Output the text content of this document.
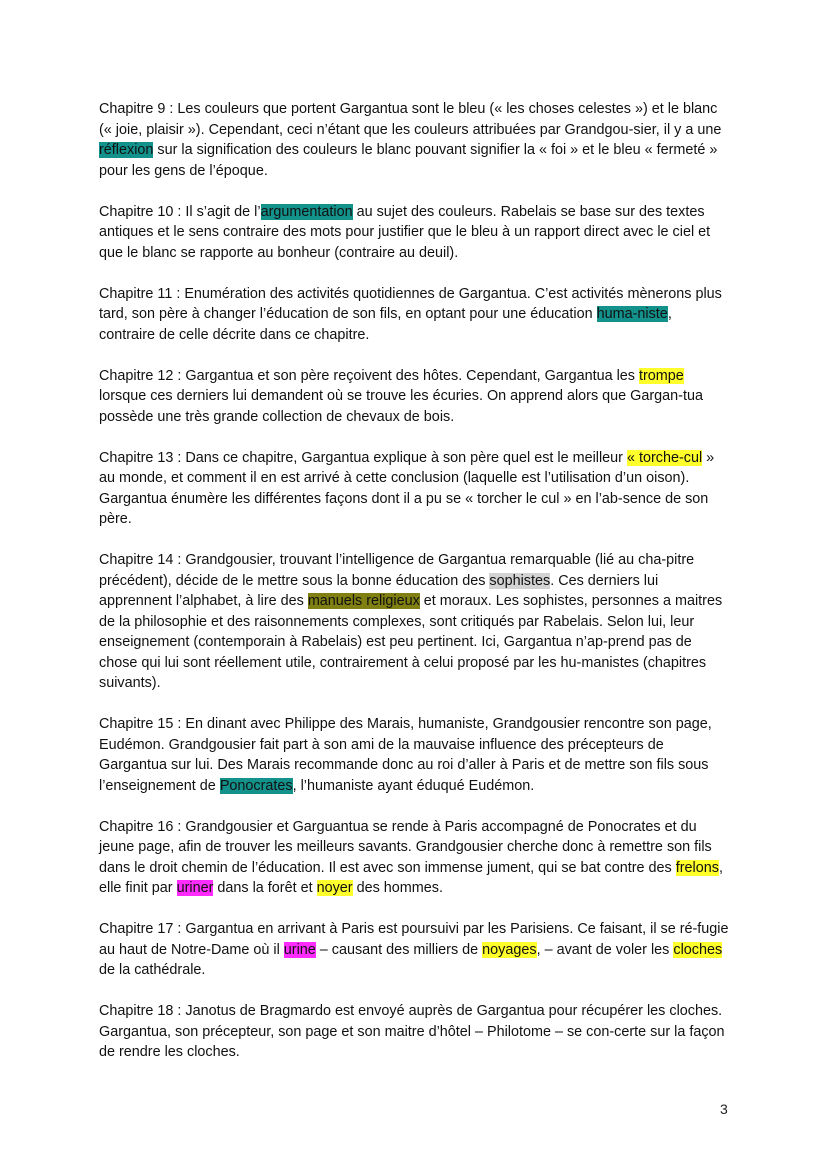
Chapitre 9 : Les couleurs que portent Gargantua sont le bleu (« les choses celestes ») et le blanc (« joie, plaisir »). Cependant, ceci n’étant que les couleurs attribuées par Grandgou-sier, il y a une réflexion sur la signification des couleurs le blanc pouvant signifier la « foi » et le bleu « fermeté » pour les gens de l’époque.

Chapitre 10 : Il s’agit de l’argumentation au sujet des couleurs. Rabelais se base sur des textes antiques et le sens contraire des mots pour justifier que le bleu à un rapport direct avec le ciel et que le blanc se rapporte au bonheur (contraire au deuil).

Chapitre 11 : Enumération des activités quotidiennes de Gargantua. C’est activités mènerons plus tard, son père à changer l’éducation de son fils, en optant pour une éducation huma-niste, contraire de celle décrite dans ce chapitre.

Chapitre 12 : Gargantua et son père reçoivent des hôtes. Cependant, Gargantua les trompe lorsque ces derniers lui demandent où se trouve les écuries. On apprend alors que Gargan-tua possède une très grande collection de chevaux de bois.

Chapitre 13 : Dans ce chapitre, Gargantua explique à son père quel est le meilleur « torche-cul » au monde, et comment il en est arrivé à cette conclusion (laquelle est l’utilisation d’un oison). Gargantua énumère les différentes façons dont il a pu se « torcher le cul » en l’ab-sence de son père.

Chapitre 14 : Grandgousier, trouvant l’intelligence de Gargantua remarquable (lié au cha-pitre précédent), décide de le mettre sous la bonne éducation des sophistes. Ces derniers lui apprennent l’alphabet, à lire des manuels religieux et moraux. Les sophistes, personnes a maitres de la philosophie et des raisonnements complexes, sont critiqués par Rabelais. Selon lui, leur enseignement (contemporain à Rabelais) est peu pertinent. Ici, Gargantua n’ap-prend pas de chose qui lui sont réellement utile, contrairement à celui proposé par les hu-manistes (chapitres suivants).

Chapitre 15 : En dinant avec Philippe des Marais, humaniste, Grandgousier rencontre son page, Eudémon. Grandgousier fait part à son ami de la mauvaise influence des précepteurs de Gargantua sur lui. Des Marais recommande donc au roi d’aller à Paris et de mettre son fils sous l’enseignement de Ponocrates, l’humaniste ayant éduqué Eudémon.

Chapitre 16 : Grandgousier et Garguantua se rende à Paris accompagné de Ponocrates et du jeune page, afin de trouver les meilleurs savants. Grandgousier cherche donc à remettre son fils dans le droit chemin de l’éducation. Il est avec son immense jument, qui se bat contre des frelons, elle finit par uriner dans la forêt et noyer des hommes.

Chapitre 17 : Gargantua en arrivant à Paris est poursuivi par les Parisiens. Ce faisant, il se ré-fugie au haut de Notre-Dame où il urine – causant des milliers de noyages, – avant de voler les cloches de la cathédrale.

Chapitre 18 : Janotus de Bragmardo est envoyé auprès de Gargantua pour récupérer les cloches. Gargantua, son précepteur, son page et son maitre d’hôtel – Philotome – se con-certe sur la façon de rendre les cloches.

3
